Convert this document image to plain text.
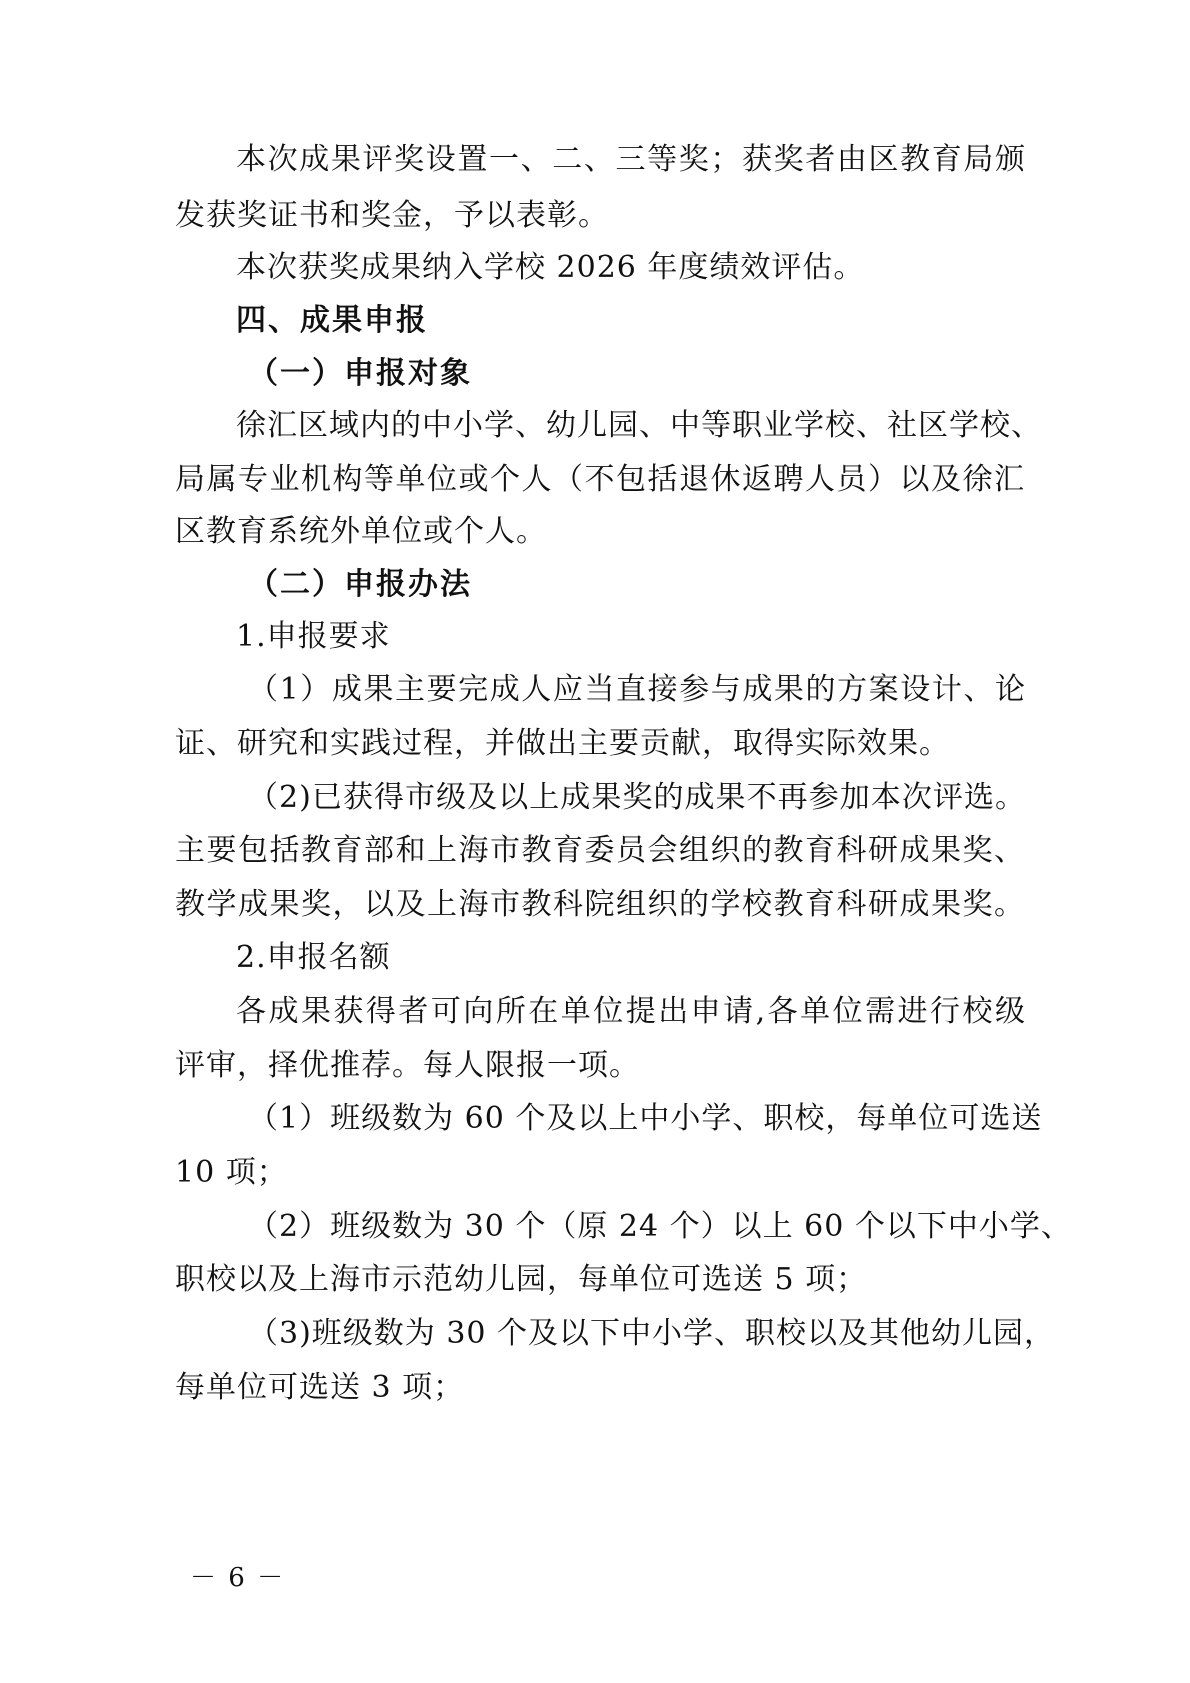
本次成果评奖设置一、二、三等奖；获奖者由区教育局颁
发获奖证书和奖金，予以表彰。
本次获奖成果纳入学校 2026 年度绩效评估。
四、成果申报
（一）申报对象
徐汇区域内的中小学、幼儿园、中等职业学校、社区学校、
局属专业机构等单位或个人（不包括退休返聘人员）以及徐汇
区教育系统外单位或个人。
（二）申报办法
1.申报要求
（1）成果主要完成人应当直接参与成果的方案设计、论
证、研究和实践过程，并做出主要贡献，取得实际效果。
（2)已获得市级及以上成果奖的成果不再参加本次评选。
主要包括教育部和上海市教育委员会组织的教育科研成果奖、
教学成果奖，以及上海市教科院组织的学校教育科研成果奖。
2.申报名额
各成果获得者可向所在单位提出申请,各单位需进行校级
评审，择优推荐。每人限报一项。
（1）班级数为 60 个及以上中小学、职校，每单位可选送
10 项；
（2）班级数为 30 个（原 24 个）以上 60 个以下中小学、
职校以及上海市示范幼儿园，每单位可选送 5 项；
（3)班级数为 30 个及以下中小学、职校以及其他幼儿园，
每单位可选送 3 项；
－ 6 －
